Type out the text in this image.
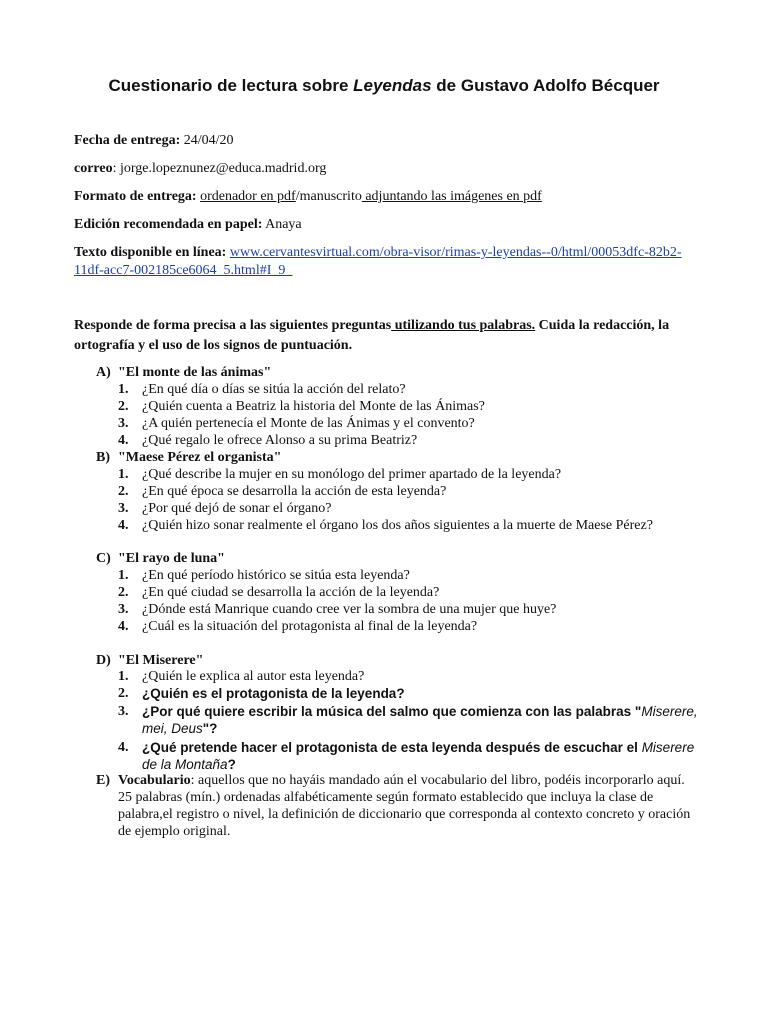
Cuestionario de lectura sobre Leyendas de Gustavo Adolfo Bécquer
Fecha de entrega: 24/04/20
correo: jorge.lopeznunez@educa.madrid.org
Formato de entrega: ordenador en pdf/manuscrito adjuntando las imágenes en pdf
Edición recomendada en papel: Anaya
Texto disponible en línea: www.cervantesvirtual.com/obra-visor/rimas-y-leyendas--0/html/00053dfc-82b2-11df-acc7-002185ce6064_5.html#I_9_
Responde de forma precisa a las siguientes preguntas utilizando tus palabras. Cuida la redacción, la ortografía y el uso de los signos de puntuación.
A) "El monte de las ánimas"
1. ¿En qué día o días se sitúa la acción del relato?
2. ¿Quién cuenta a Beatriz la historia del Monte de las Ánimas?
3. ¿A quién pertenecía el Monte de las Ánimas y el convento?
4. ¿Qué regalo le ofrece Alonso a su prima Beatriz?
B) "Maese Pérez el organista"
1. ¿Qué describe la mujer en su monólogo del primer apartado de la leyenda?
2. ¿En qué época se desarrolla la acción de esta leyenda?
3. ¿Por qué dejó de sonar el órgano?
4. ¿Quién hizo sonar realmente el órgano los dos años siguientes a la muerte de Maese Pérez?
C) "El rayo de luna"
1. ¿En qué período histórico se sitúa esta leyenda?
2. ¿En qué ciudad se desarrolla la acción de la leyenda?
3. ¿Dónde está Manrique cuando cree ver la sombra de una mujer que huye?
4. ¿Cuál es la situación del protagonista al final de la leyenda?
D) "El Miserere"
1. ¿Quién le explica al autor esta leyenda?
2. ¿Quién es el protagonista de la leyenda?
3. ¿Por qué quiere escribir la música del salmo que comienza con las palabras "Miserere, mei, Deus"?
4. ¿Qué pretende hacer el protagonista de esta leyenda después de escuchar el Miserere de la Montaña?
E) Vocabulario: aquellos que no hayáis mandado aún el vocabulario del libro, podéis incorporarlo aquí. 25 palabras (mín.) ordenadas alfabéticamente según formato establecido que incluya la clase de palabra,el registro o nivel, la definición de diccionario que corresponda al contexto concreto y oración de ejemplo original.
